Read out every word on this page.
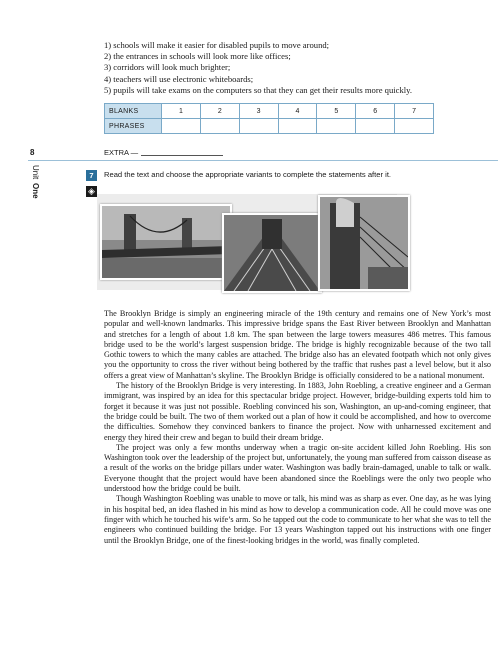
1) schools will make it easier for disabled pupils to move around;
2) the entrances in schools will look more like offices;
3) corridors will look much brighter;
4) teachers will use electronic whiteboards;
5) pupils will take exams on the computers so that they can get their results more quickly.
BLANKS	1	2	3	4	5	6	7
PHRASES							
8	EXTRA —
Unit
One
7
◈
Read the text and choose the appropriate variants to complete the statements after it.

The Brooklyn Bridge is simply an engineering miracle of the 19th century and remains one of New York’s most popular and well-known landmarks. This impressive bridge spans the East River between Brooklyn and Manhattan and stretches for a length of about 1.8 km. The span between the large towers measures 486 metres. This famous bridge used to be the world’s largest suspension bridge. The bridge is highly recognizable because of the two tall Gothic towers to which the many cables are attached. The bridge also has an elevated footpath which not only gives you the opportunity to cross the river without being bothered by the traffic that rushes past a level below, but it also offers a great view of Manhattan’s skyline. The Brooklyn Bridge is officially considered to be a national monument.

The history of the Brooklyn Bridge is very interesting. In 1883, John Roebling, a creative engineer and a German immigrant, was inspired by an idea for this spectacular bridge project. However, bridge-building experts told him to forget it because it was just not possible. Roebling convinced his son, Washington, an up-and-coming engineer, that the bridge could be built. The two of them worked out a plan of how it could be accomplished, and how to overcome the difficulties. Somehow they convinced bankers to finance the project. Now with unharnessed excitement and energy they hired their crew and began to build their dream bridge.

The project was only a few months underway when a tragic on-site accident killed John Roebling. His son Washington took over the leadership of the project but, unfortunately, the young man suffered from caisson disease as a result of the works on the bridge pillars under water. Washington was badly brain-damaged, unable to talk or walk. Everyone thought that the project would have been abandoned since the Roeblings were the only two people who understood how the bridge could be built.

Though Washington Roebling was unable to move or talk, his mind was as sharp as ever. One day, as he was lying in his hospital bed, an idea flashed in his mind as how to develop a communication code. All he could move was one finger with which he touched his wife’s arm. So he tapped out the code to communicate to her what she was to tell the engineers who continued building the bridge. For 13 years Washington tapped out his instructions with one finger until the Brooklyn Bridge, one of the finest-looking bridges in the world, was finally completed.
